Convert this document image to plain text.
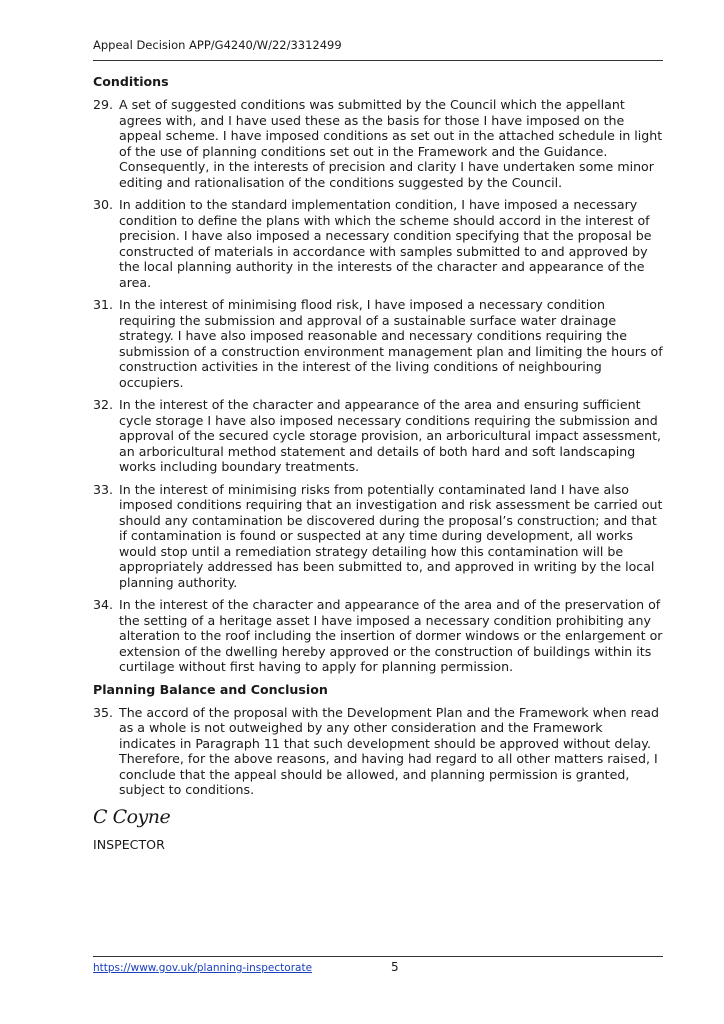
Appeal Decision APP/G4240/W/22/3312499
Conditions
29. A set of suggested conditions was submitted by the Council which the appellant agrees with, and I have used these as the basis for those I have imposed on the appeal scheme. I have imposed conditions as set out in the attached schedule in light of the use of planning conditions set out in the Framework and the Guidance. Consequently, in the interests of precision and clarity I have undertaken some minor editing and rationalisation of the conditions suggested by the Council.
30. In addition to the standard implementation condition, I have imposed a necessary condition to define the plans with which the scheme should accord in the interest of precision. I have also imposed a necessary condition specifying that the proposal be constructed of materials in accordance with samples submitted to and approved by the local planning authority in the interests of the character and appearance of the area.
31. In the interest of minimising flood risk, I have imposed a necessary condition requiring the submission and approval of a sustainable surface water drainage strategy. I have also imposed reasonable and necessary conditions requiring the submission of a construction environment management plan and limiting the hours of construction activities in the interest of the living conditions of neighbouring occupiers.
32. In the interest of the character and appearance of the area and ensuring sufficient cycle storage I have also imposed necessary conditions requiring the submission and approval of the secured cycle storage provision, an arboricultural impact assessment, an arboricultural method statement and details of both hard and soft landscaping works including boundary treatments.
33. In the interest of minimising risks from potentially contaminated land I have also imposed conditions requiring that an investigation and risk assessment be carried out should any contamination be discovered during the proposal’s construction; and that if contamination is found or suspected at any time during development, all works would stop until a remediation strategy detailing how this contamination will be appropriately addressed has been submitted to, and approved in writing by the local planning authority.
34. In the interest of the character and appearance of the area and of the preservation of the setting of a heritage asset I have imposed a necessary condition prohibiting any alteration to the roof including the insertion of dormer windows or the enlargement or extension of the dwelling hereby approved or the construction of buildings within its curtilage without first having to apply for planning permission.
Planning Balance and Conclusion
35. The accord of the proposal with the Development Plan and the Framework when read as a whole is not outweighed by any other consideration and the Framework indicates in Paragraph 11 that such development should be approved without delay. Therefore, for the above reasons, and having had regard to all other matters raised, I conclude that the appeal should be allowed, and planning permission is granted, subject to conditions.
C Coyne
INSPECTOR
https://www.gov.uk/planning-inspectorate	5
